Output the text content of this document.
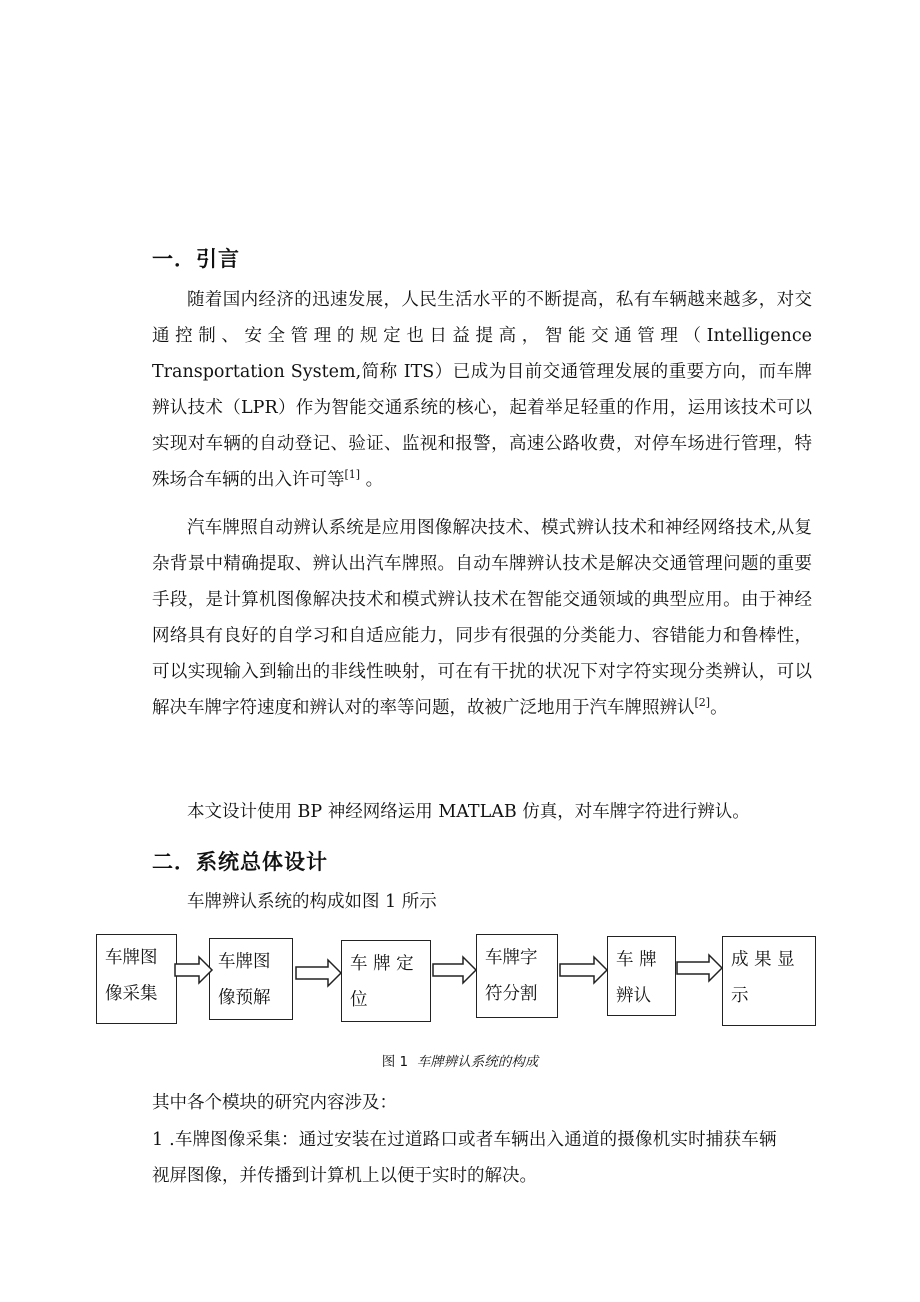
一．引言

随着国内经济的迅速发展，人民生活水平的不断提高，私有车辆越来越多，对交通控制、安全管理的规定也日益提高，智能交通管理（Intelligence Transportation System,简称 ITS）已成为目前交通管理发展的重要方向，而车牌辨认技术（LPR）作为智能交通系统的核心，起着举足轻重的作用，运用该技术可以实现对车辆的自动登记、验证、监视和报警，高速公路收费，对停车场进行管理，特殊场合车辆的出入许可等[1] 。

汽车牌照自动辨认系统是应用图像解决技术、模式辨认技术和神经网络技术,从复杂背景中精确提取、辨认出汽车牌照。自动车牌辨认技术是解决交通管理问题的重要手段，是计算机图像解决技术和模式辨认技术在智能交通领域的典型应用。由于神经网络具有良好的自学习和自适应能力，同步有很强的分类能力、容错能力和鲁棒性，可以实现输入到输出的非线性映射，可在有干扰的状况下对字符实现分类辨认，可以解决车牌字符速度和辨认对的率等问题，故被广泛地用于汽车牌照辨认[2]。

本文设计使用 BP 神经网络运用 MATLAB 仿真，对车牌字符进行辨认。

二．系统总体设计

车牌辨认系统的构成如图 1 所示

车牌图
像采集
车牌图
像预解
车 牌 定
位
车牌字
符分割
车 牌
辨认
成 果 显
示

图 1 车牌辨认系统的构成

其中各个模块的研究内容涉及：

1 .车牌图像采集：通过安装在过道路口或者车辆出入通道的摄像机实时捕获车辆

视屏图像，并传播到计算机上以便于实时的解决。
